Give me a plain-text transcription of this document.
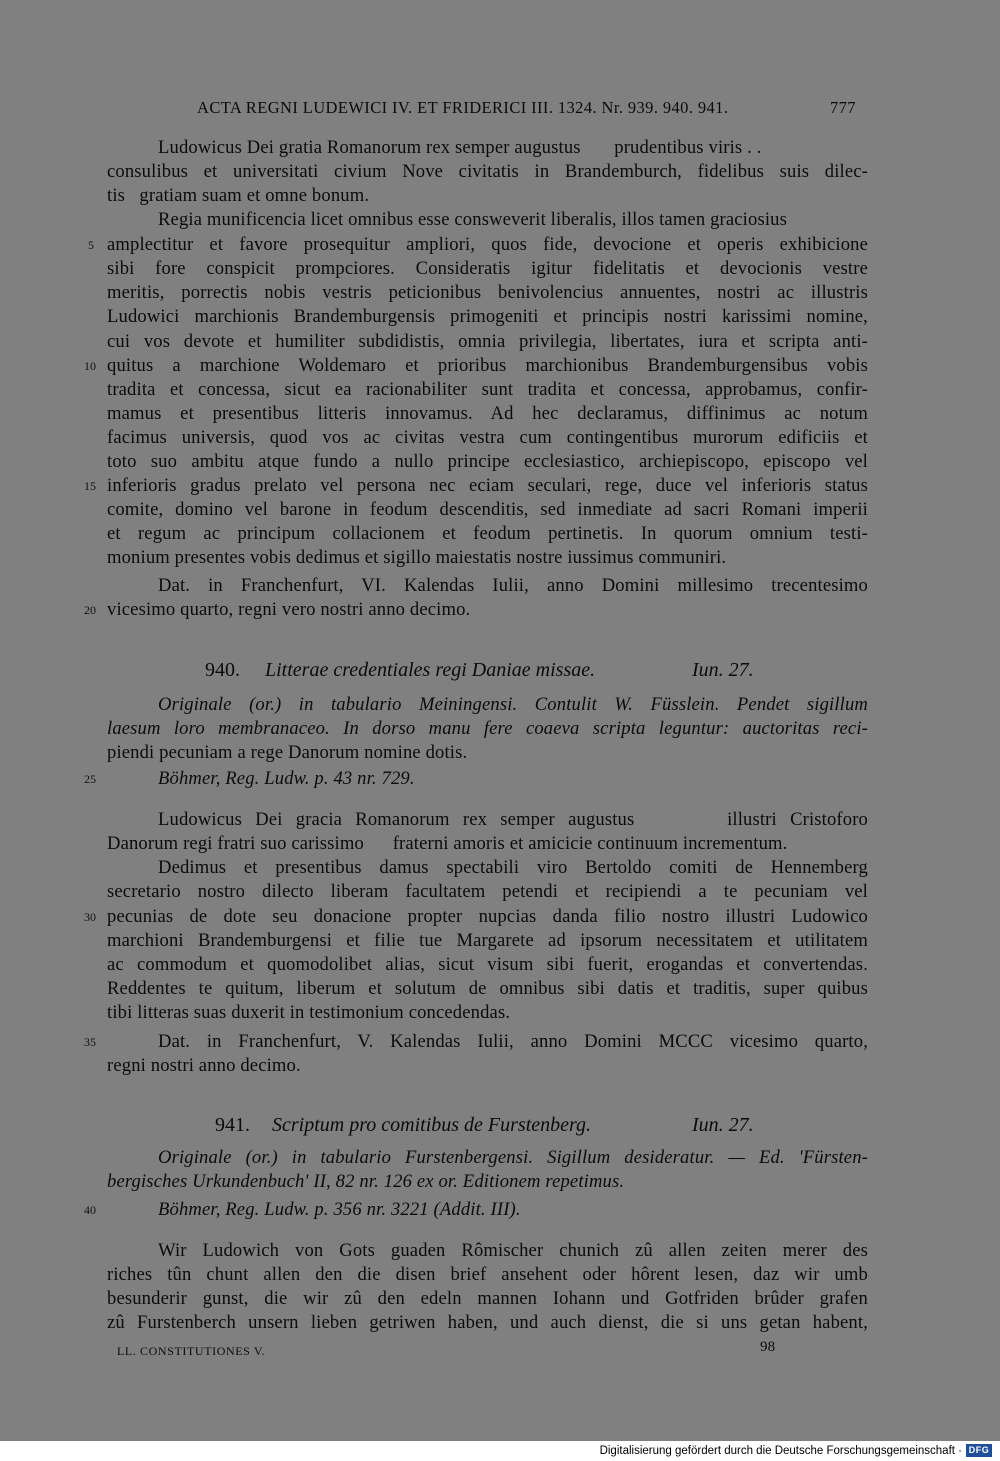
ACTA REGNI LUDEWICI IV. ET FRIDERICI III. 1324. Nr. 939. 940. 941.	777
Ludowicus Dei gratia Romanorum rex semper augustus       prudentibus viris . .
consulibus et universitati civium Nove civitatis in Brandemburch, fidelibus suis dilec-
tis   gratiam suam et omne bonum.
Regia munificencia licet omnibus esse consweverit liberalis, illos tamen graciosius
5 amplectitur et favore prosequitur ampliori, quos fide, devocione et operis exhibicione
sibi fore conspicit prompciores. Consideratis igitur fidelitatis et devocionis vestre
meritis, porrectis nobis vestris peticionibus benivolencius annuentes, nostri ac illustris
Ludowici marchionis Brandemburgensis primogeniti et principis nostri karissimi nomine,
cui vos devote et humiliter subdidistis, omnia privilegia, libertates, iura et scripta anti-
10 quitus a marchione Woldemaro et prioribus marchionibus Brandemburgensibus vobis
tradita et concessa, sicut ea racionabiliter sunt tradita et concessa, approbamus, confir-
mamus et presentibus litteris innovamus. Ad hec declaramus, diffinimus ac notum
facimus universis, quod vos ac civitas vestra cum contingentibus murorum edificiis et
toto suo ambitu atque fundo a nullo principe ecclesiastico, archiepiscopo, episcopo vel
15 inferioris gradus prelato vel persona nec eciam seculari, rege, duce vel inferioris status
comite, domino vel barone in feodum descenditis, sed inmediate ad sacri Romani imperii
et regum ac principum collacionem et feodum pertinetis. In quorum omnium testi-
monium presentes vobis dedimus et sigillo maiestatis nostre iussimus communiri.
Dat. in Franchenfurt, VI. Kalendas Iulii, anno Domini millesimo trecentesimo
20 vicesimo quarto, regni vero nostri anno decimo.
940. Litterae credentiales regi Daniae missae.	Iun. 27.
Originale (or.) in tabulario Meiningensi. Contulit W. Füsslein. Pendet sigillum
laesum loro membranaceo. In dorso manu fere coaeva scripta leguntur: auctoritas reci-
piendi pecuniam a rege Danorum nomine dotis.
25	Böhmer, Reg. Ludw. p. 43 nr. 729.
Ludowicus Dei gracia Romanorum rex semper augustus       illustri Cristoforo
Danorum regi fratri suo carissimo      fraterni amoris et amicicie continuum incrementum.
Dedimus et presentibus damus spectabili viro Bertoldo comiti de Hennemberg
secretario nostro dilecto liberam facultatem petendi et recipiendi a te pecuniam vel
30 pecunias de dote seu donacione propter nupcias danda filio nostro illustri Ludowico
marchioni Brandemburgensi et filie tue Margarete ad ipsorum necessitatem et utilitatem
ac commodum et quomodolibet alias, sicut visum sibi fuerit, erogandas et convertendas.
Reddentes te quitum, liberum et solutum de omnibus sibi datis et traditis, super quibus
tibi litteras suas duxerit in testimonium concedendas.
35	Dat. in Franchenfurt, V. Kalendas Iulii, anno Domini MCCC vicesimo quarto,
regni nostri anno decimo.
941. Scriptum pro comitibus de Furstenberg.	Iun. 27.
Originale (or.) in tabulario Furstenbergensi. Sigillum desideratur. — Ed. 'Fürsten-
bergisches Urkundenbuch' II, 82 nr. 126 ex or. Editionem repetimus.
40	Böhmer, Reg. Ludw. p. 356 nr. 3221 (Addit. III).
Wir Ludowich von Gots guaden Rômischer chunich zû allen zeiten merer des
riches tûn chunt allen den die disen brief ansehent oder hôrent lesen, daz wir umb
besunderir gunst, die wir zû den edeln mannen Iohann und Gotfriden brûder grafen
zû Furstenberch unsern lieben getriwen haben, und auch dienst, die si uns getan habent,
LL. CONSTITUTIONES V.	98
Digitalisierung gefördert durch die Deutsche Forschungsgemeinschaft · DFG
